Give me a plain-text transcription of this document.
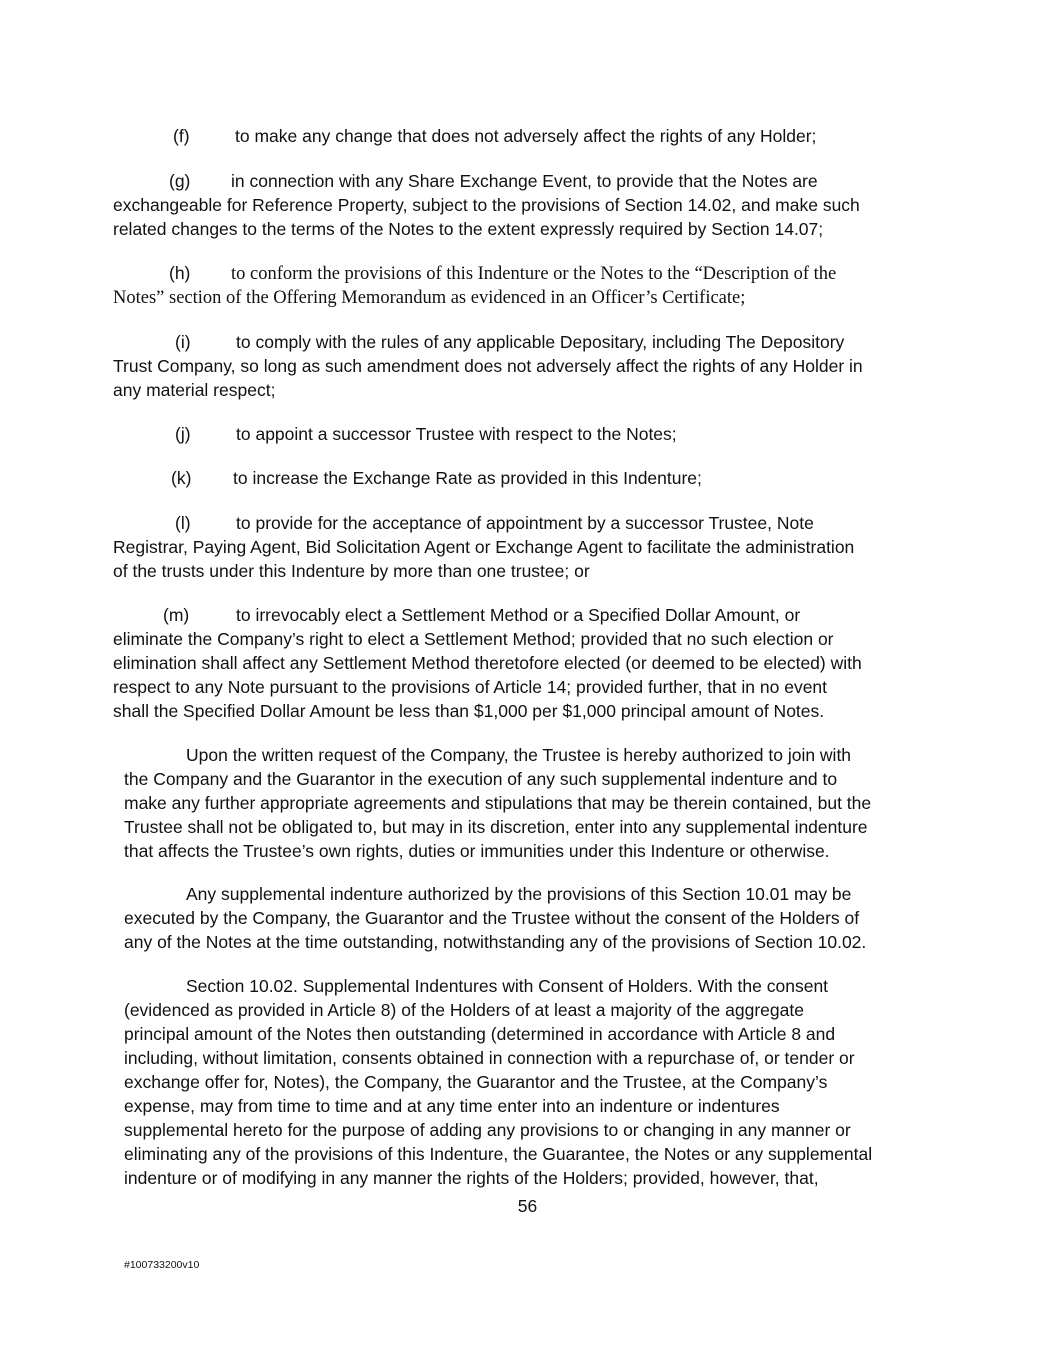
(f)	to make any change that does not adversely affect the rights of any Holder;

(g) in connection with any Share Exchange Event, to provide that the Notes are
exchangeable for Reference Property, subject to the provisions of Section 14.02, and make such
related changes to the terms of the Notes to the extent expressly required by Section 14.07;

(h) to conform the provisions of this Indenture or the Notes to the “Description of the
Notes” section of the Offering Memorandum as evidenced in an Officer’s Certificate;

(i)	to comply with the rules of any applicable Depositary, including The Depository
Trust Company, so long as such amendment does not adversely affect the rights of any Holder in
any material respect;

(j)	to appoint a successor Trustee with respect to the Notes;

(k) to increase the Exchange Rate as provided in this Indenture;

(l)	to provide for the acceptance of appointment by a successor Trustee, Note
Registrar, Paying Agent, Bid Solicitation Agent or Exchange Agent to facilitate the administration
of the trusts under this Indenture by more than one trustee; or

(m)	to irrevocably elect a Settlement Method or a Specified Dollar Amount, or
eliminate the Company’s right to elect a Settlement Method; provided that no such election or
elimination shall affect any Settlement Method theretofore elected (or deemed to be elected) with
respect to any Note pursuant to the provisions of Article 14; provided further, that in no event
shall the Specified Dollar Amount be less than $1,000 per $1,000 principal amount of Notes.

Upon the written request of the Company, the Trustee is hereby authorized to join with
the Company and the Guarantor in the execution of any such supplemental indenture and to
make any further appropriate agreements and stipulations that may be therein contained, but the
Trustee shall not be obligated to, but may in its discretion, enter into any supplemental indenture
that affects the Trustee’s own rights, duties or immunities under this Indenture or otherwise.

Any supplemental indenture authorized by the provisions of this Section 10.01 may be
executed by the Company, the Guarantor and the Trustee without the consent of the Holders of
any of the Notes at the time outstanding, notwithstanding any of the provisions of Section 10.02.

Section 10.02. Supplemental Indentures with Consent of Holders. With the consent
(evidenced as provided in Article 8) of the Holders of at least a majority of the aggregate
principal amount of the Notes then outstanding (determined in accordance with Article 8 and
including, without limitation, consents obtained in connection with a repurchase of, or tender or
exchange offer for, Notes), the Company, the Guarantor and the Trustee, at the Company’s
expense, may from time to time and at any time enter into an indenture or indentures
supplemental hereto for the purpose of adding any provisions to or changing in any manner or
eliminating any of the provisions of this Indenture, the Guarantee, the Notes or any supplemental
indenture or of modifying in any manner the rights of the Holders; provided, however, that,

56
#100733200v10
